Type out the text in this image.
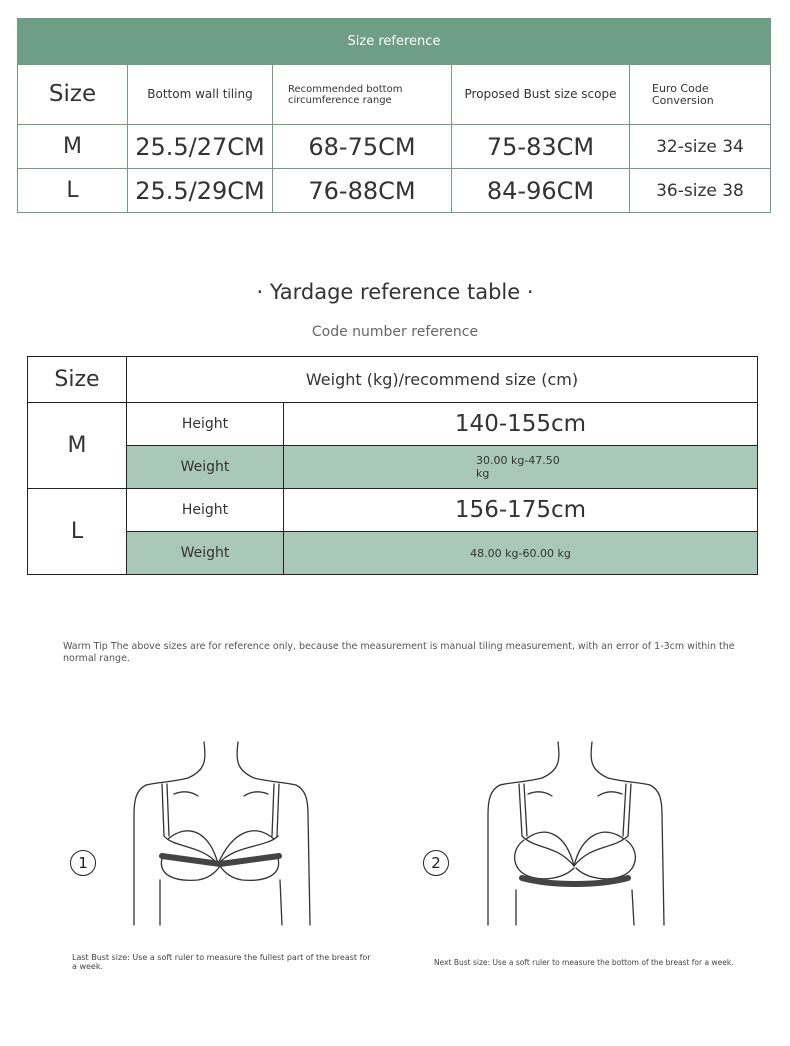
Size reference				
Size	Bottom wall tiling	Recommended bottom circumference range	Proposed Bust size scope	Euro Code Conversion
M	25.5/27CM	68-75CM	75-83CM	32-size 34
L	25.5/29CM	76-88CM	84-96CM	36-size 38
· Yardage reference table ·
Code number reference
Size	Weight (kg)/recommend size (cm)	
M	Height	140-155cm
	Weight	30.00 kg-47.50 kg

L	Height	156-175cm
	Weight	48.00 kg-60.00 kg
Warm Tip The above sizes are for reference only, because the measurement is manual tiling measurement, with an error of 1-3cm within the normal range.
1
Last Bust size: Use a soft ruler to measure the fullest part of the breast for a week.
2
Next Bust size: Use a soft ruler to measure the bottom of the breast for a week.
